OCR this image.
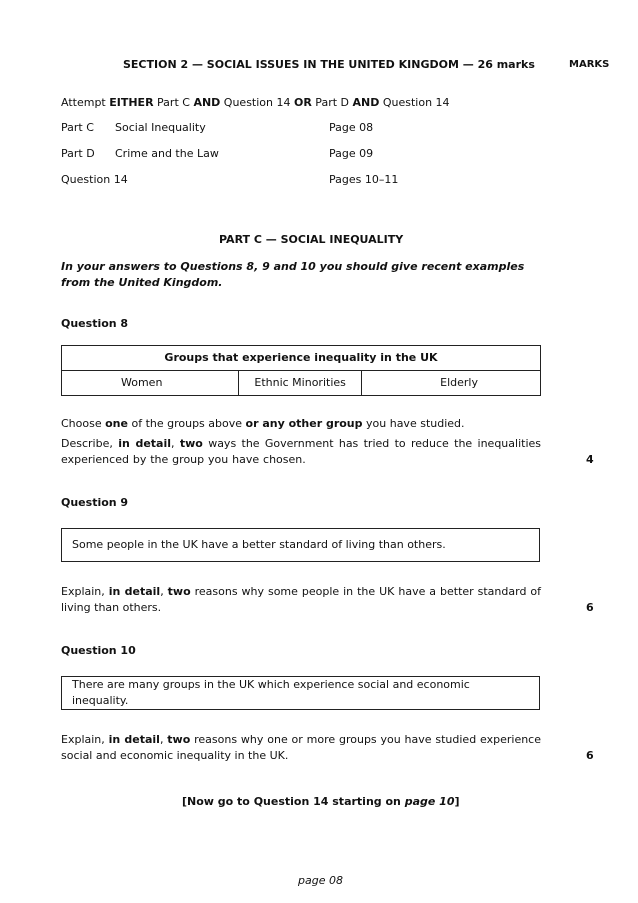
SECTION 2 — SOCIAL ISSUES IN THE UNITED KINGDOM — 26 marks	MARKS
Attempt EITHER Part C AND Question 14 OR Part D AND Question 14
Part C Social Inequality	Page 08
Part D Crime and the Law	Page 09
Question 14	Pages 10–11
PART C — SOCIAL INEQUALITY
In your answers to Questions 8, 9 and 10 you should give recent examples from the United Kingdom.
Question 8
Groups that experience inequality in the UK
Women	Ethnic Minorities	Elderly
Choose one of the groups above or any other group you have studied.
Describe, in detail, two ways the Government has tried to reduce the inequalities experienced by the group you have chosen.	4
Question 9
Some people in the UK have a better standard of living than others.
Explain, in detail, two reasons why some people in the UK have a better standard of living than others.	6
Question 10
There are many groups in the UK which experience social and economic inequality.
Explain, in detail, two reasons why one or more groups you have studied experience social and economic inequality in the UK.	6
[Now go to Question 14 starting on page 10]
page 08
